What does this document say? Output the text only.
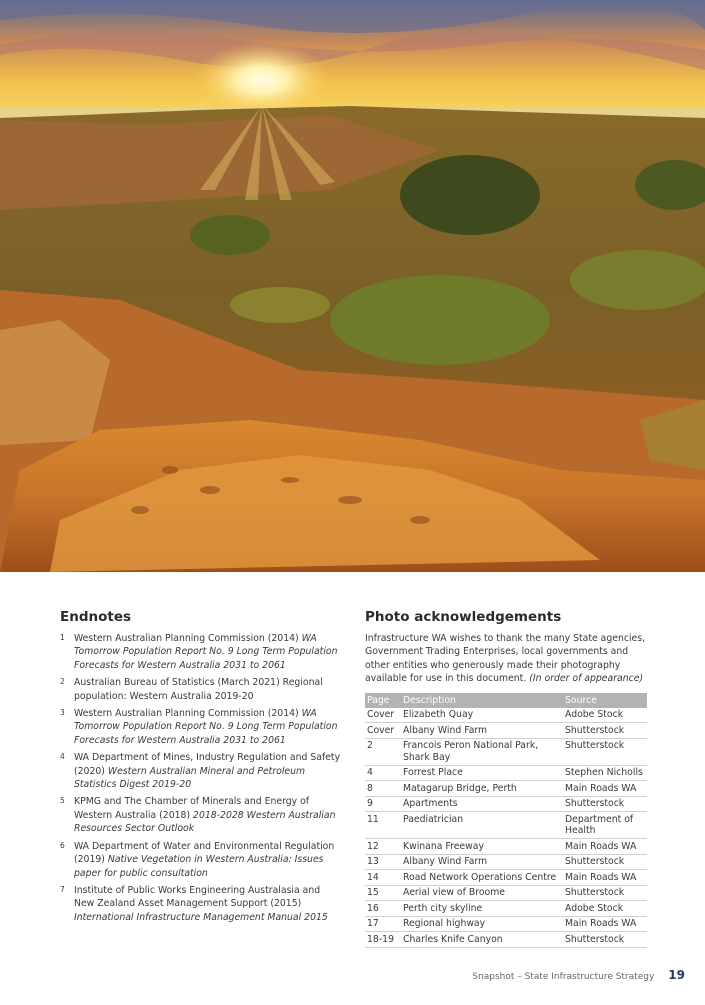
Endnotes
1 Western Australian Planning Commission (2014) WA Tomorrow Population Report No. 9 Long Term Population Forecasts for Western Australia 2031 to 2061
2 Australian Bureau of Statistics (March 2021) Regional population: Western Australia 2019-20
3 Western Australian Planning Commission (2014) WA Tomorrow Population Report No. 9 Long Term Population Forecasts for Western Australia 2031 to 2061
4 WA Department of Mines, Industry Regulation and Safety (2020) Western Australian Mineral and Petroleum Statistics Digest 2019-20
5 KPMG and The Chamber of Minerals and Energy of Western Australia (2018) 2018-2028 Western Australian Resources Sector Outlook
6 WA Department of Water and Environmental Regulation (2019) Native Vegetation in Western Australia: Issues paper for public consultation
7 Institute of Public Works Engineering Australasia and New Zealand Asset Management Support (2015) International Infrastructure Management Manual 2015
Photo acknowledgements
Infrastructure WA wishes to thank the many State agencies, Government Trading Enterprises, local governments and other entities who generously made their photography available for use in this document. (In order of appearance)
Page	Description	Source
Cover	Elizabeth Quay	Adobe Stock
Cover	Albany Wind Farm	Shutterstock
2	Francois Peron National Park, Shark Bay	Shutterstock
4	Forrest Place	Stephen Nicholls
8	Matagarup Bridge, Perth	Main Roads WA
9	Apartments	Shutterstock
11	Paediatrician	Department of Health
12	Kwinana Freeway	Main Roads WA
13	Albany Wind Farm	Shutterstock
14	Road Network Operations Centre	Main Roads WA
15	Aerial view of Broome	Shutterstock
16	Perth city skyline	Adobe Stock
17	Regional highway	Main Roads WA
18-19	Charles Knife Canyon	Shutterstock
Snapshot – State Infrastructure Strategy 19
